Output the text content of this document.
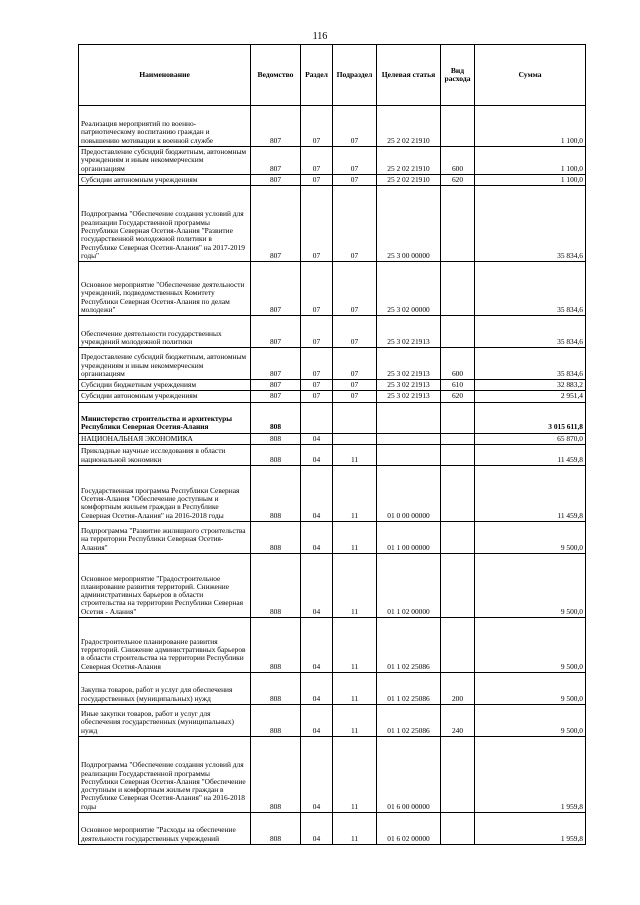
116
Наименование	Ведомство	Раздел	Подраздел	Целевая статья	Вид расхода	Сумма
Реализация мероприятий по военно-патриотическому воспитанию граждан и повышению мотивации к военной службе	807	07	07	25 2 02 21910		1 100,0
Предоставление субсидий бюджетным, автономным учреждениям и иным некоммерческим организациям	807	07	07	25 2 02 21910	600	1 100,0
Субсидии автономным учреждениям	807	07	07	25 2 02 21910	620	1 100,0
Подпрограмма "Обеспечение создания условий для реализации Государственной программы Республики Северная Осетия-Алания "Развитие государственной молодежной политики в Республике Северная Осетия-Алания" на 2017-2019 годы"	807	07	07	25 3 00 00000		35 834,6
Основное мероприятие "Обеспечение деятельности учреждений, подведомственных Комитету Республики Северная Осетия-Алания по делам молодежи"	807	07	07	25 3 02 00000		35 834,6
Обеспечение деятельности государственных учреждений молодежной политики	807	07	07	25 3 02 21913		35 834,6
Предоставление субсидий бюджетным, автономным учреждениям и иным некоммерческим организациям	807	07	07	25 3 02 21913	600	35 834,6
Субсидии бюджетным учреждениям	807	07	07	25 3 02 21913	610	32 883,2
Субсидии автономным учреждениям	807	07	07	25 3 02 21913	620	2 951,4
Министерство строительства и архитектуры Республики Северная Осетия-Алания	808					3 015 611,8
НАЦИОНАЛЬНАЯ ЭКОНОМИКА	808	04				65 870,0
Прикладные научные исследования в области национальной экономики	808	04	11			11 459,8
Государственная программа Республики Северная Осетия-Алания "Обеспечение доступным и комфортным жильем граждан в Республике Северная Осетия-Алания" на 2016-2018 годы	808	04	11	01 0 00 00000		11 459,8
Подпрограмма "Развитие жилищного строительства на территории Республики Северная Осетия-Алания"	808	04	11	01 1 00 00000		9 500,0
Основное мероприятие "Градостроительное планирование развития территорий. Снижение административных барьеров в области строительства на территории Республики Северная Осетия - Алания"	808	04	11	01 1 02 00000		9 500,0
Градостроительное планирование развития территорий. Снижение административных барьеров в области строительства на территории Республики Северная Осетия-Алания	808	04	11	01 1 02 25086		9 500,0
Закупка товаров, работ и услуг для обеспечения государственных (муниципальных) нужд	808	04	11	01 1 02 25086	200	9 500,0
Иные закупки товаров, работ и услуг для обеспечения государственных (муниципальных) нужд	808	04	11	01 1 02 25086	240	9 500,0
Подпрограмма "Обеспечение создания условий для реализации Государственной программы Республики Северная Осетия-Алания "Обеспечение доступным и комфортным жильем граждан в Республике Северная Осетия-Алания" на 2016-2018 годы	808	04	11	01 6 00 00000		1 959,8
Основное мероприятие "Расходы на обеспечение деятельности государственных учреждений	808	04	11	01 6 02 00000		1 959,8
